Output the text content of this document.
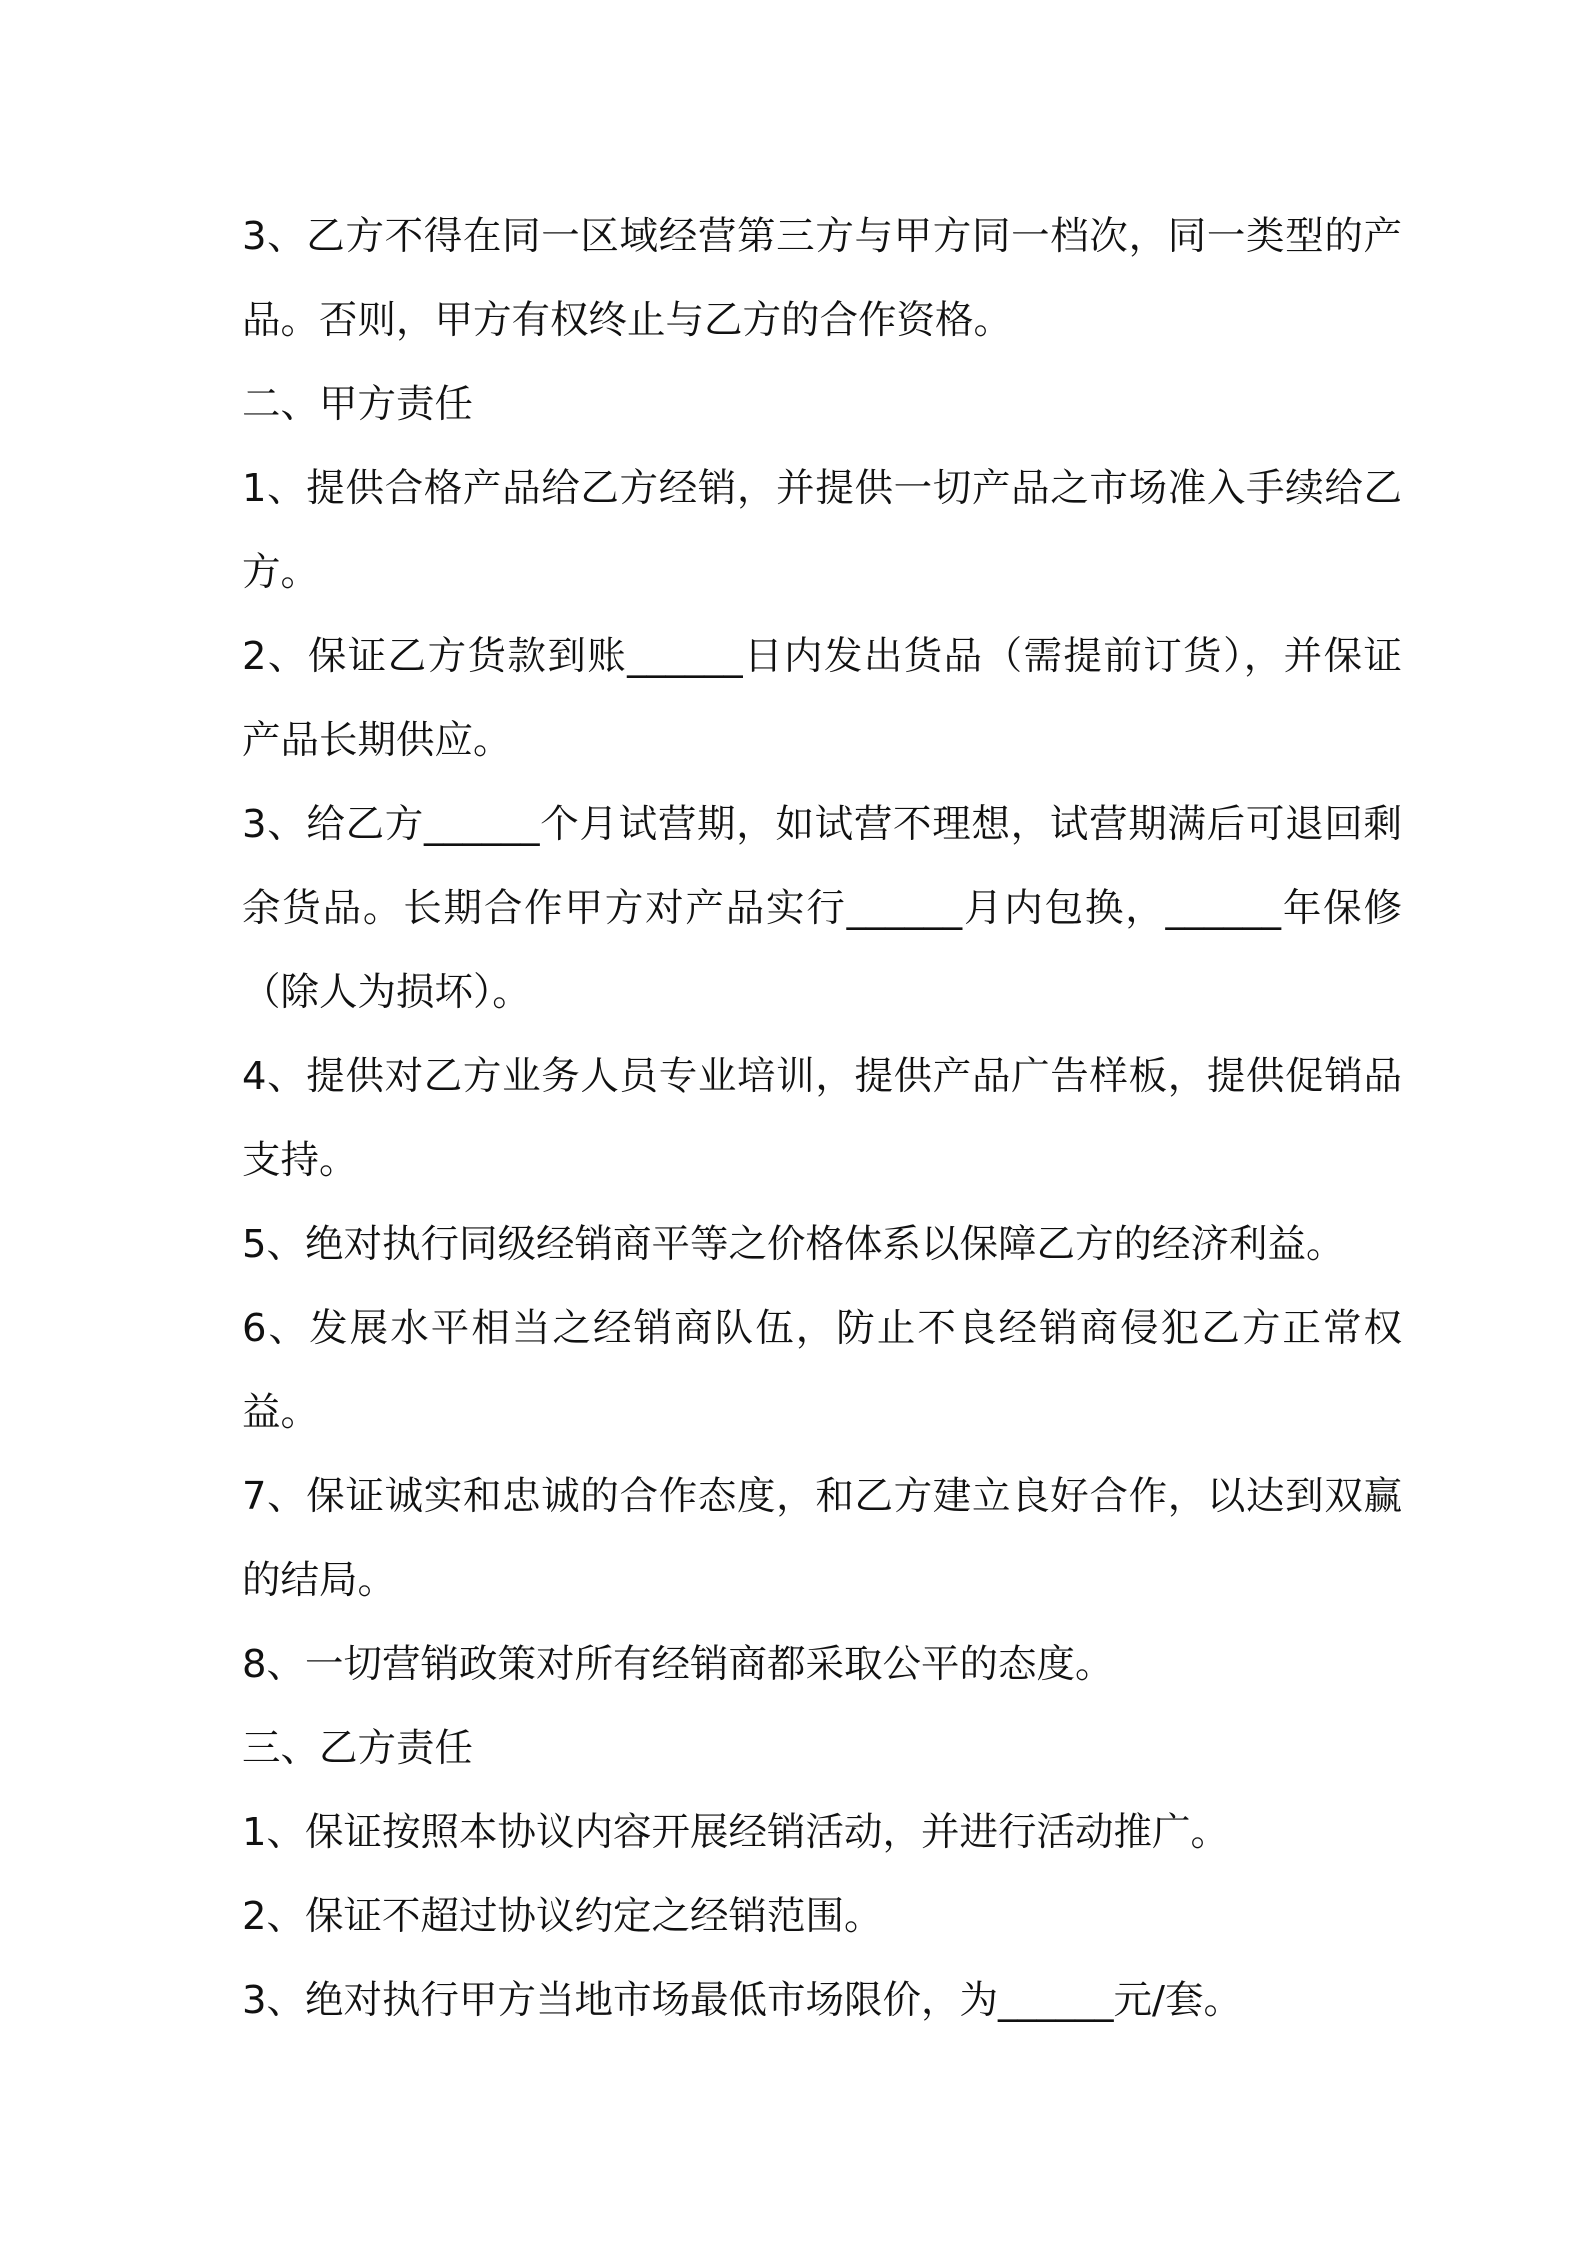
3、乙方不得在同一区域经营第三方与甲方同一档次，同一类型的产品。否则，甲方有权终止与乙方的合作资格。

二、甲方责任

1、提供合格产品给乙方经销，并提供一切产品之市场准入手续给乙方。

2、保证乙方货款到账______日内发出货品（需提前订货），并保证产品长期供应。

3、给乙方______个月试营期，如试营不理想，试营期满后可退回剩余货品。长期合作甲方对产品实行______月内包换，______年保修（除人为损坏）。

4、提供对乙方业务人员专业培训，提供产品广告样板，提供促销品支持。

5、绝对执行同级经销商平等之价格体系以保障乙方的经济利益。

6、发展水平相当之经销商队伍，防止不良经销商侵犯乙方正常权益。

7、保证诚实和忠诚的合作态度，和乙方建立良好合作，以达到双赢的结局。

8、一切营销政策对所有经销商都采取公平的态度。

三、乙方责任

1、保证按照本协议内容开展经销活动，并进行活动推广。

2、保证不超过协议约定之经销范围。

3、绝对执行甲方当地市场最低市场限价，为______元/套。
